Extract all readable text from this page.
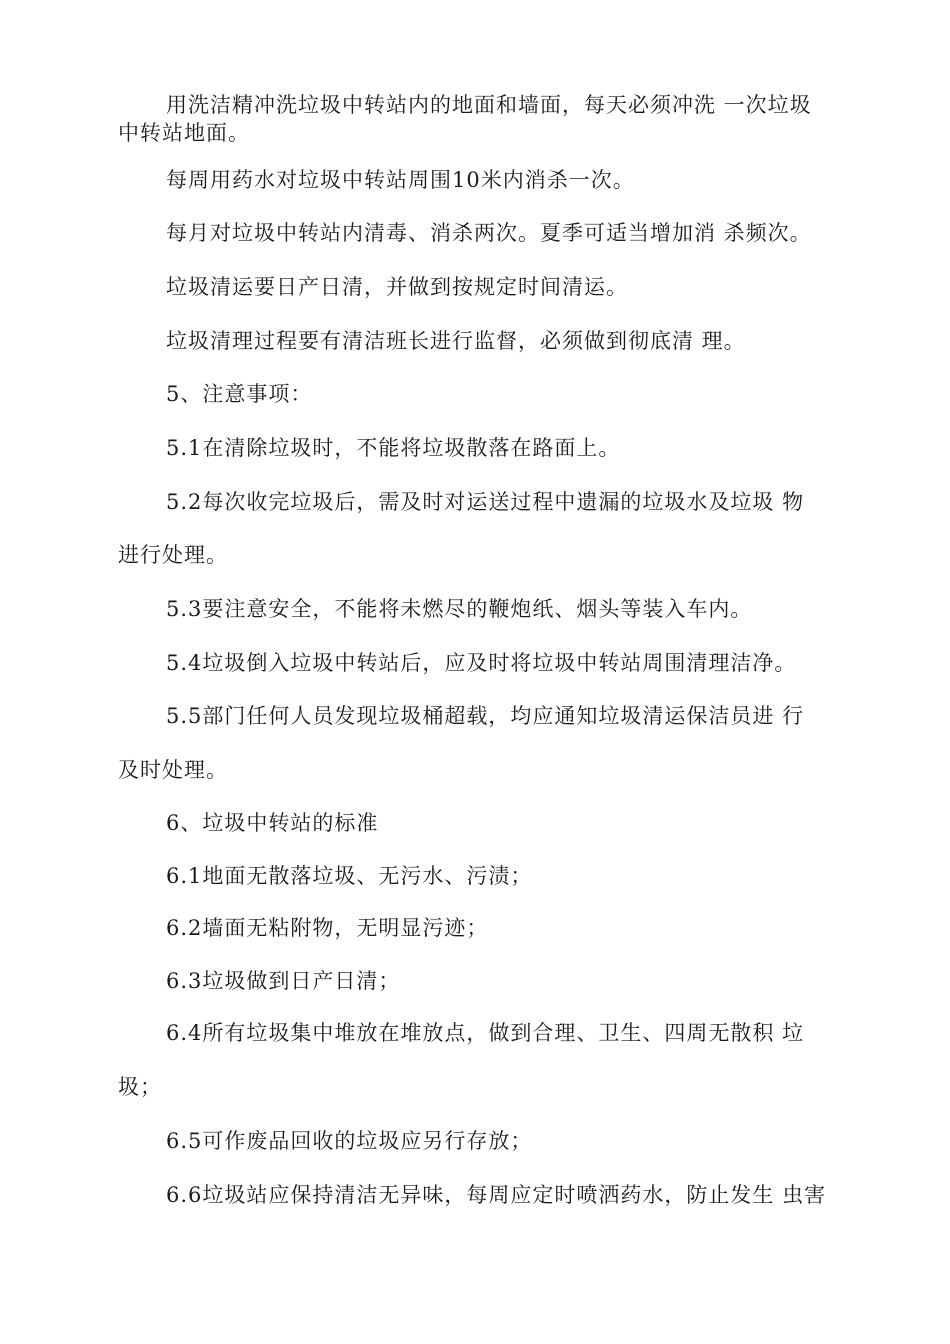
用洗洁精冲洗垃圾中转站内的地面和墙面，每天必须冲洗 一次垃圾
中转站地面。
每周用药水对垃圾中转站周围10米内消杀一次。
每月对垃圾中转站内清毒、消杀两次。夏季可适当增加消 杀频次。
垃圾清运要日产日清，并做到按规定时间清运。
垃圾清理过程要有清洁班长进行监督，必须做到彻底清 理。
5、注意事项：
5.1在清除垃圾时，不能将垃圾散落在路面上。
5.2每次收完垃圾后，需及时对运送过程中遗漏的垃圾水及垃圾 物
进行处理。
5.3要注意安全，不能将未燃尽的鞭炮纸、烟头等装入车内。
5.4垃圾倒入垃圾中转站后，应及时将垃圾中转站周围清理洁净。
5.5部门任何人员发现垃圾桶超载，均应通知垃圾清运保洁员进 行
及时处理。
6、垃圾中转站的标准
6.1地面无散落垃圾、无污水、污渍；
6.2墙面无粘附物，无明显污迹；
6.3垃圾做到日产日清；
6.4所有垃圾集中堆放在堆放点，做到合理、卫生、四周无散积 垃
圾；
6.5可作废品回收的垃圾应另行存放；
6.6垃圾站应保持清洁无异味，每周应定时喷洒药水，防止发生 虫害
